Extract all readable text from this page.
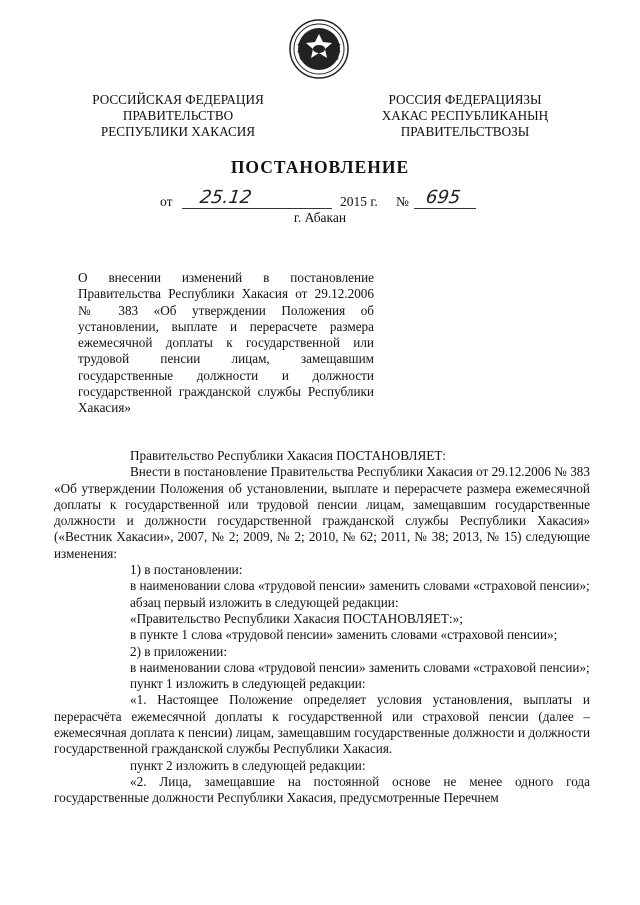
РОССИЙСКАЯ ФЕДЕРАЦИЯ
ПРАВИТЕЛЬСТВО
РЕСПУБЛИКИ ХАКАСИЯ
РОССИЯ ФЕДЕРАЦИЯЗЫ
ХАКАС РЕСПУБЛИКАНЫҢ
ПРАВИТЕЛЬСТВОЗЫ
ПОСТАНОВЛЕНИЕ
от 25.12	2015 г. № 695
г. Абакан
О внесении изменений в постановление Правительства Республики Хакасия от 29.12.2006 № 383 «Об утверждении Положения об установлении, выплате и перерасчете размера ежемесячной доплаты к государственной или трудовой пенсии лицам, замещавшим государственные должности и должности государственной гражданской службы Республики Хакасия»

Правительство Республики Хакасия ПОСТАНОВЛЯЕТ:

Внести в постановление Правительства Республики Хакасия от 29.12.2006 № 383 «Об утверждении Положения об установлении, выплате и перерасчете размера ежемесячной доплаты к государственной или трудовой пенсии лицам, замещавшим государственные должности и должности государственной гражданской службы Республики Хакасия» («Вестник Хакасии», 2007, № 2; 2009, № 2; 2010, № 62; 2011, № 38; 2013, № 15) следующие изменения:

1) в постановлении:

в наименовании слова «трудовой пенсии» заменить словами «страховой пенсии»;

абзац первый изложить в следующей редакции:

«Правительство Республики Хакасия ПОСТАНОВЛЯЕТ:»;

в пункте 1 слова «трудовой пенсии» заменить словами «страховой пенсии»;

2) в приложении:

в наименовании слова «трудовой пенсии» заменить словами «страховой пенсии»;

пункт 1 изложить в следующей редакции:

«1. Настоящее Положение определяет условия установления, выплаты и перерасчёта ежемесячной доплаты к государственной или страховой пенсии (далее – ежемесячная доплата к пенсии) лицам, замещавшим государственные должности и должности государственной гражданской службы Республики Хакасия.

пункт 2 изложить в следующей редакции:

«2. Лица, замещавшие на постоянной основе не менее одного года государственные должности Республики Хакасия, предусмотренные Перечнем
